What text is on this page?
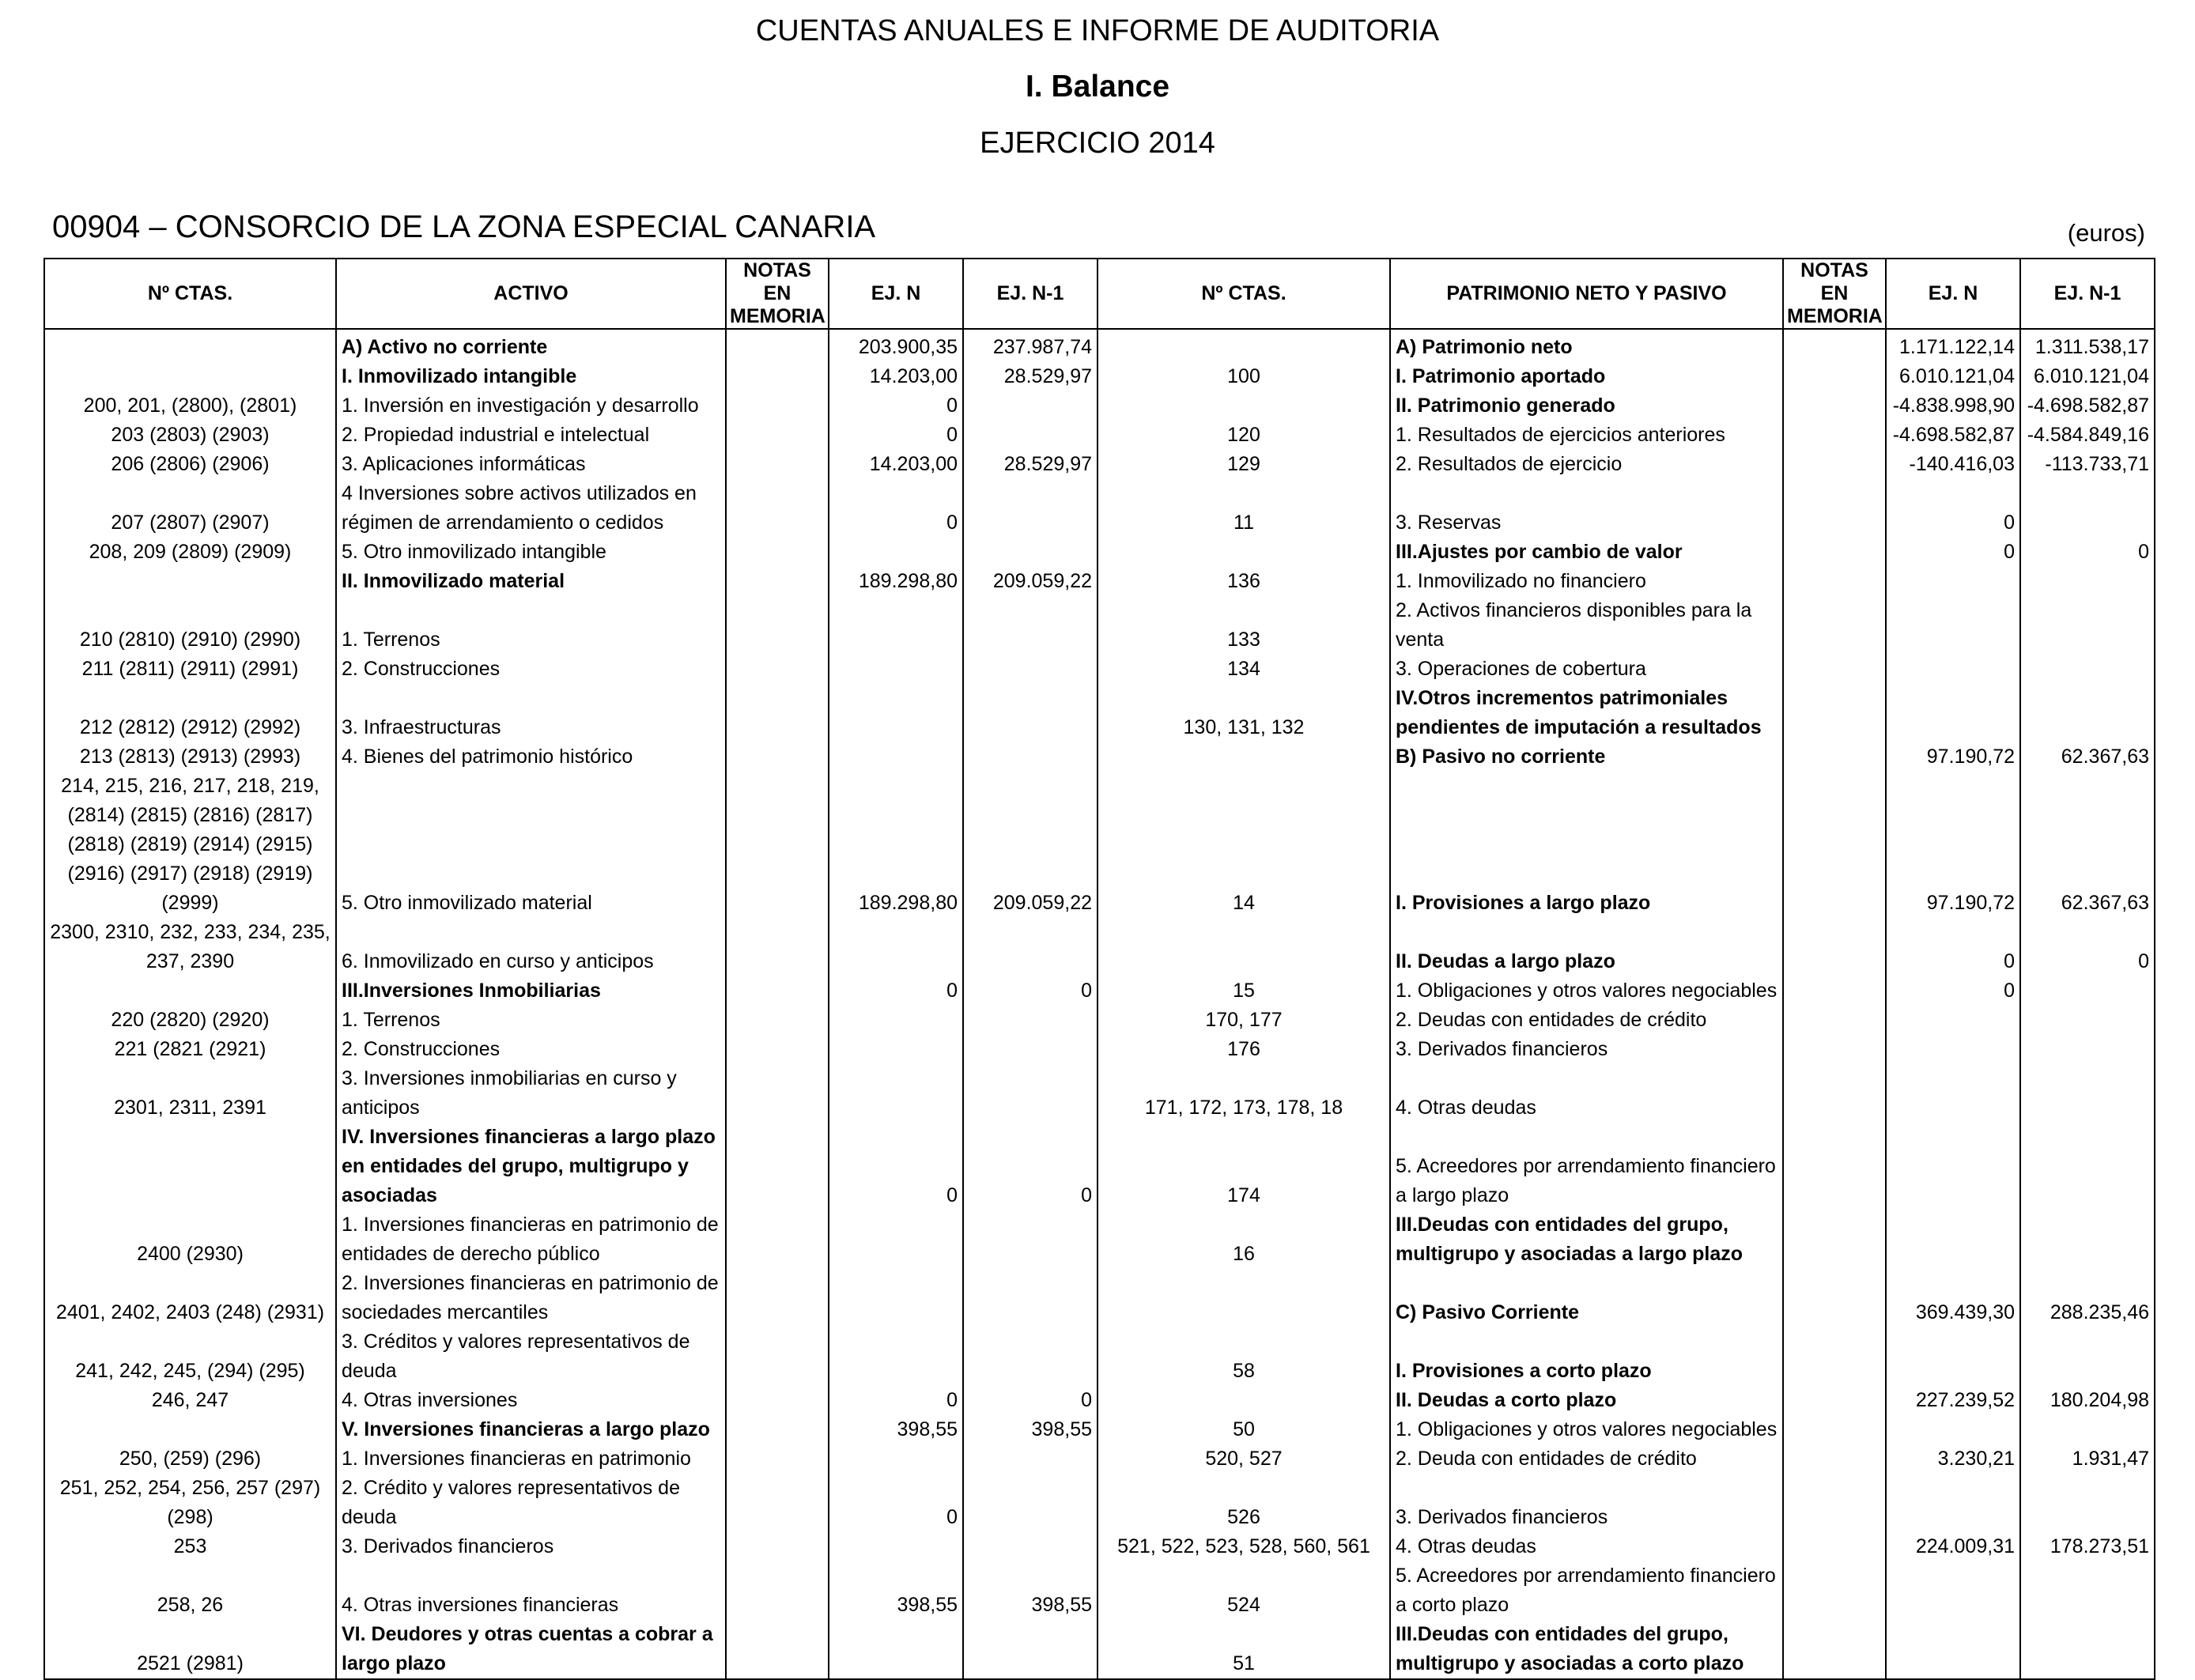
CUENTAS ANUALES E INFORME DE AUDITORIA
I. Balance
EJERCICIO 2014
00904 – CONSORCIO DE LA ZONA ESPECIAL CANARIA	(euros)
Nº CTAS.	ACTIVO	NOTAS EN MEMORIA	EJ. N	EJ. N-1	Nº CTAS.	PATRIMONIO NETO Y PASIVO	NOTAS EN MEMORIA	EJ. N	EJ. N-1
	A) Activo no corriente		203.900,35	237.987,74		A) Patrimonio neto		1.171.122,14	1.311.538,17
	I. Inmovilizado intangible		14.203,00	28.529,97	100	I. Patrimonio aportado		6.010.121,04	6.010.121,04
200, 201, (2800), (2801)	1. Inversión en investigación y desarrollo		0			II. Patrimonio generado		-4.838.998,90	-4.698.582,87
203 (2803) (2903)	2. Propiedad industrial e intelectual		0		120	1. Resultados de ejercicios anteriores		-4.698.582,87	-4.584.849,16
206 (2806) (2906)	3. Aplicaciones informáticas		14.203,00	28.529,97	129	2. Resultados de ejercicio		-140.416,03	-113.733,71
207 (2807) (2907)	4 Inversiones sobre activos utilizados en régimen de arrendamiento o cedidos		0		11	3. Reservas		0	
208, 209 (2809) (2909)	5. Otro inmovilizado intangible					III.Ajustes por cambio de valor		0	0
	II. Inmovilizado material		189.298,80	209.059,22	136	1. Inmovilizado no financiero			
210 (2810) (2910) (2990)	1. Terrenos				133	2. Activos financieros disponibles para la venta			
211 (2811) (2911) (2991)	2. Construcciones				134	3. Operaciones de cobertura			
212 (2812) (2912) (2992)	3. Infraestructuras				130, 131, 132	IV.Otros incrementos patrimoniales pendientes de imputación a resultados			
213 (2813) (2913) (2993)	4. Bienes del patrimonio histórico					B) Pasivo no corriente		97.190,72	62.367,63
214, 215, 216, 217, 218, 219, (2814) (2815) (2816) (2817) (2818) (2819) (2914) (2915) (2916) (2917) (2918) (2919) (2999)	5. Otro inmovilizado material		189.298,80	209.059,22	14	I. Provisiones a largo plazo		97.190,72	62.367,63
2300, 2310, 232, 233, 234, 235, 237, 2390	6. Inmovilizado en curso y anticipos					II. Deudas a largo plazo		0	0
	III.Inversiones Inmobiliarias		0	0	15	1. Obligaciones y otros valores negociables		0	
220 (2820) (2920)	1. Terrenos				170, 177	2. Deudas con entidades de crédito			
221 (2821 (2921)	2. Construcciones				176	3. Derivados financieros			
2301, 2311, 2391	3. Inversiones inmobiliarias en curso y anticipos				171, 172, 173, 178, 18	4. Otras deudas			
	IV. Inversiones financieras a largo plazo en entidades del grupo, multigrupo y asociadas		0	0	174	5. Acreedores por arrendamiento financiero a largo plazo			
2400 (2930)	1. Inversiones financieras en patrimonio de entidades de derecho público				16	III.Deudas con entidades del grupo, multigrupo y asociadas a largo plazo			
2401, 2402, 2403 (248) (2931)	2. Inversiones financieras en patrimonio de sociedades mercantiles					C) Pasivo Corriente		369.439,30	288.235,46
241, 242, 245, (294) (295)	3. Créditos y valores representativos de deuda				58	I. Provisiones a corto plazo			
246, 247	4. Otras inversiones		0	0		II. Deudas a corto plazo		227.239,52	180.204,98
	V. Inversiones financieras a largo plazo		398,55	398,55	50	1. Obligaciones y otros valores negociables			
250, (259) (296)	1. Inversiones financieras en patrimonio				520, 527	2. Deuda con entidades de crédito		3.230,21	1.931,47
251, 252, 254, 256, 257 (297) (298)	2. Crédito y valores representativos de deuda		0		526	3. Derivados financieros			
253	3. Derivados financieros				521, 522, 523, 528, 560, 561	4. Otras deudas		224.009,31	178.273,51
258, 26	4. Otras inversiones financieras		398,55	398,55	524	5. Acreedores por arrendamiento financiero a corto plazo			
2521 (2981)	VI. Deudores y otras cuentas a cobrar a largo plazo				51	III.Deudas con entidades del grupo, multigrupo y asociadas a corto plazo			
